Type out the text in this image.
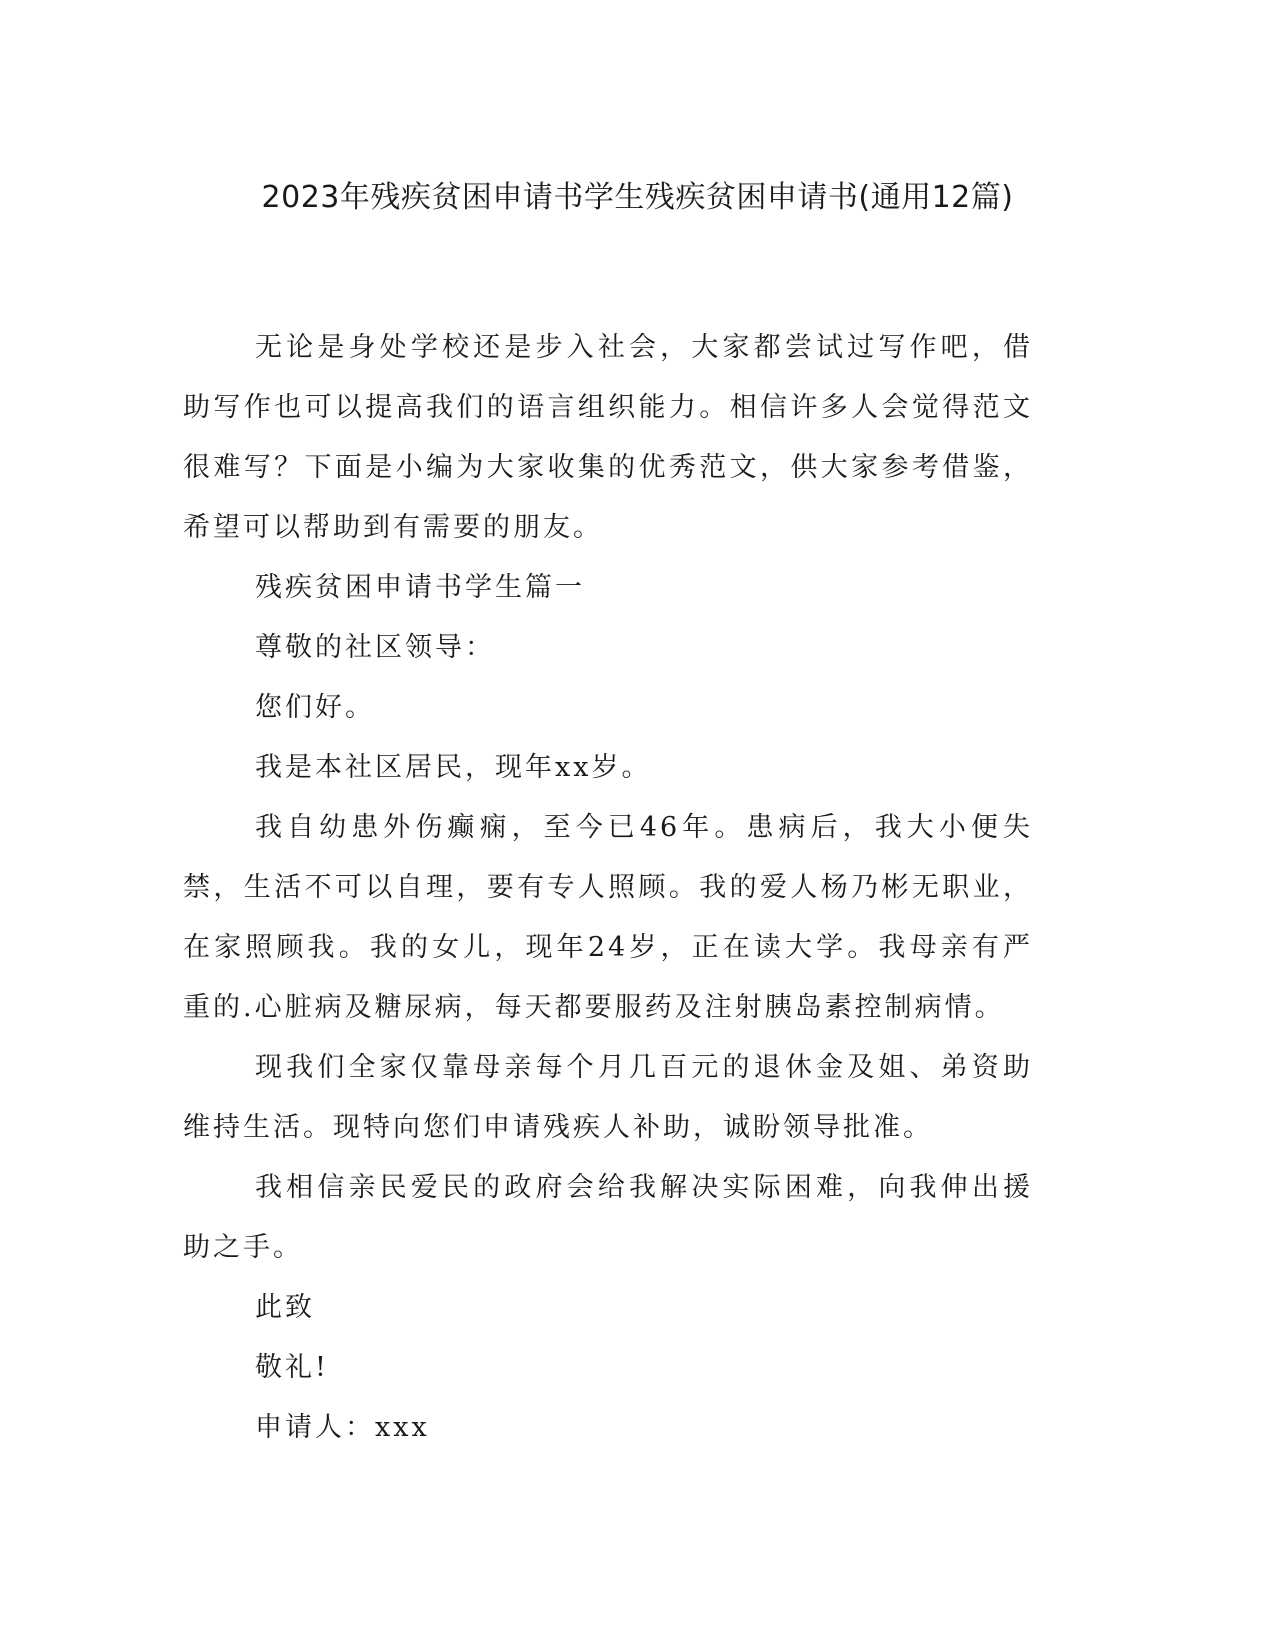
2023年残疾贫困申请书学生残疾贫困申请书(通用12篇)

无论是身处学校还是步入社会，大家都尝试过写作吧，借助写作也可以提高我们的语言组织能力。相信许多人会觉得范文很难写？下面是小编为大家收集的优秀范文，供大家参考借鉴，希望可以帮助到有需要的朋友。

残疾贫困申请书学生篇一

尊敬的社区领导：

您们好。

我是本社区居民，现年xx岁。

我自幼患外伤癫痫，至今已46年。患病后，我大小便失禁，生活不可以自理，要有专人照顾。我的爱人杨乃彬无职业，在家照顾我。我的女儿，现年24岁，正在读大学。我母亲有严重的.心脏病及糖尿病，每天都要服药及注射胰岛素控制病情。

现我们全家仅靠母亲每个月几百元的退休金及姐、弟资助维持生活。现特向您们申请残疾人补助，诚盼领导批准。

我相信亲民爱民的政府会给我解决实际困难，向我伸出援助之手。

此致

敬礼!

申请人：xxx
